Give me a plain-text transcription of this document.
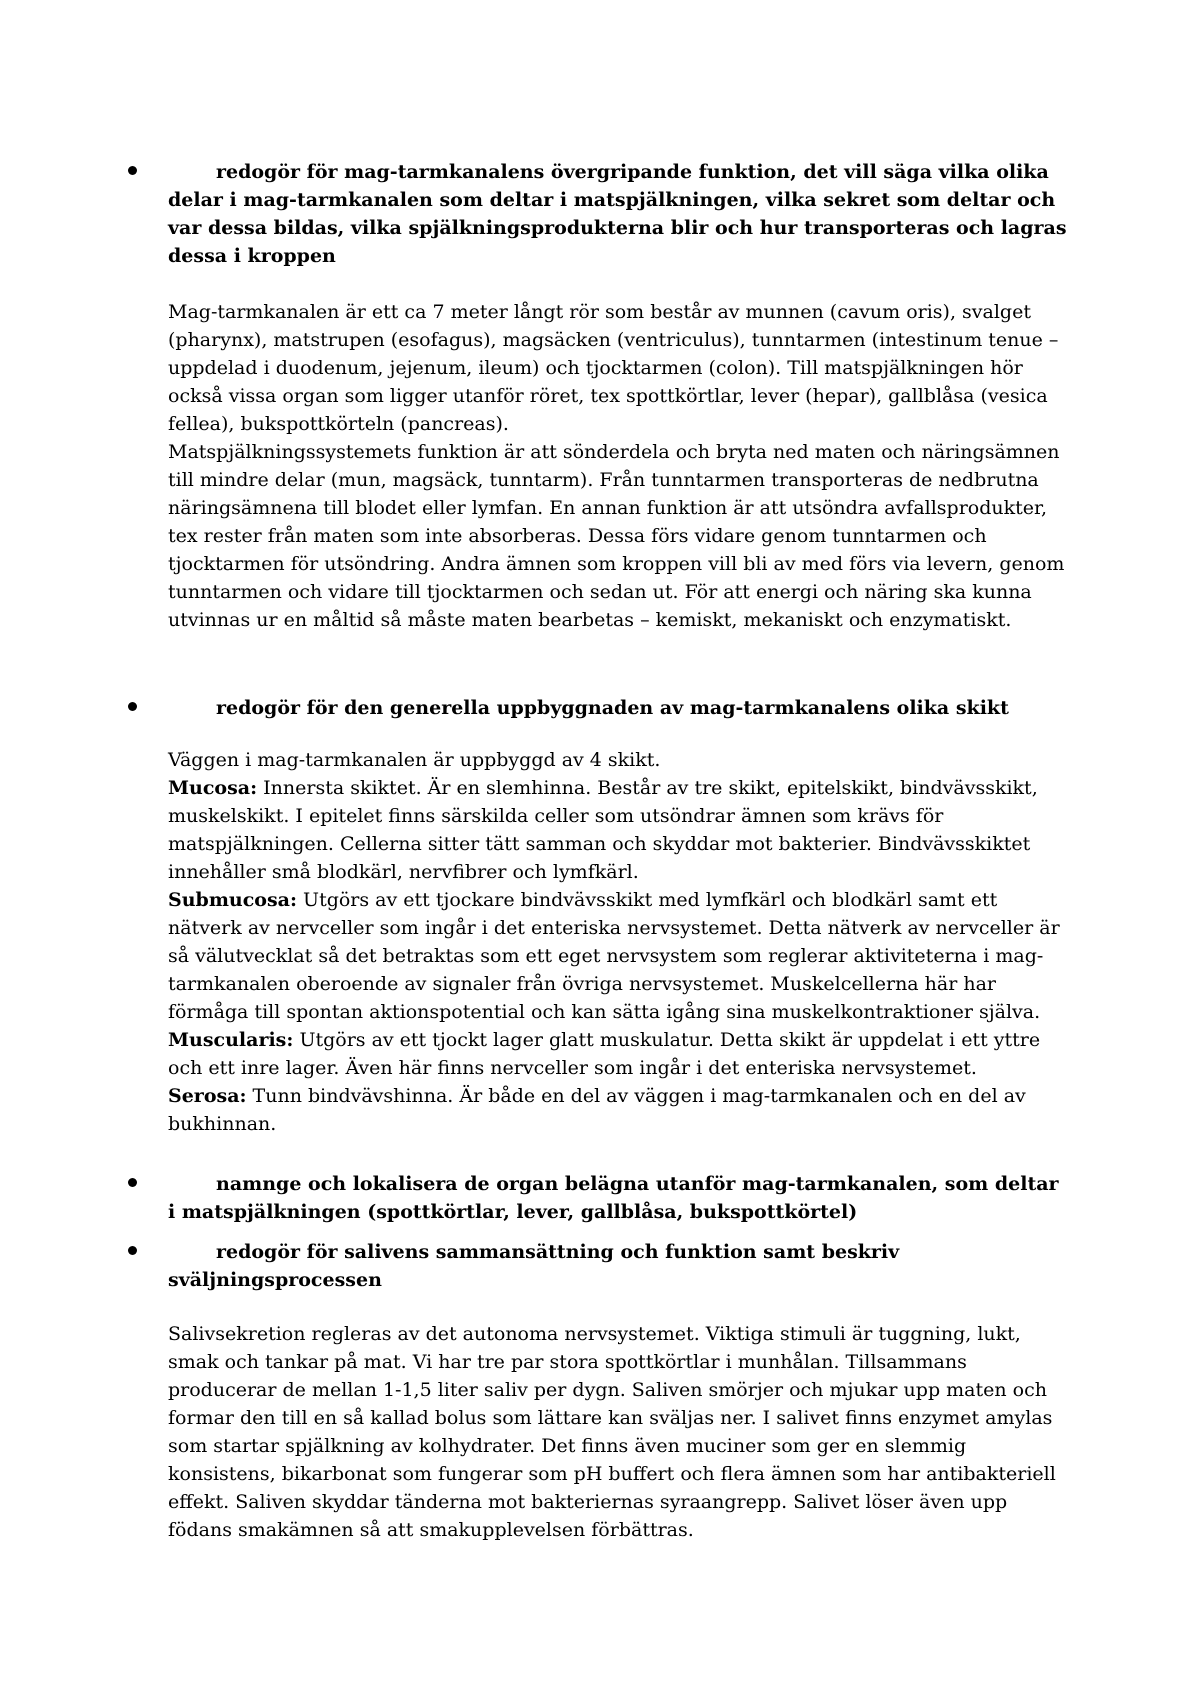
redogör för mag-tarmkanalens övergripande funktion, det vill säga vilka olika delar i mag-tarmkanalen som deltar i matspjälkningen, vilka sekret som deltar och var dessa bildas, vilka spjälkningsprodukterna blir och hur transporteras och lagras dessa i kroppen

Mag-tarmkanalen är ett ca 7 meter långt rör som består av munnen (cavum oris), svalget (pharynx), matstrupen (esofagus), magsäcken (ventriculus), tunntarmen (intestinum tenue – uppdelad i duodenum, jejenum, ileum) och tjocktarmen (colon). Till matspjälkningen hör också vissa organ som ligger utanför röret, tex spottkörtlar, lever (hepar), gallblåsa (vesica fellea), bukspottkörteln (pancreas).

Matspjälkningssystemets funktion är att sönderdela och bryta ned maten och näringsämnen till mindre delar (mun, magsäck, tunntarm). Från tunntarmen transporteras de nedbrutna näringsämnena till blodet eller lymfan. En annan funktion är att utsöndra avfallsprodukter, tex rester från maten som inte absorberas. Dessa förs vidare genom tunntarmen och tjocktarmen för utsöndring. Andra ämnen som kroppen vill bli av med förs via levern, genom tunntarmen och vidare till tjocktarmen och sedan ut. För att energi och näring ska kunna utvinnas ur en måltid så måste maten bearbetas – kemiskt, mekaniskt och enzymatiskt.

redogör för den generella uppbyggnaden av mag-tarmkanalens olika skikt

Väggen i mag-tarmkanalen är uppbyggd av 4 skikt.

Mucosa: Innersta skiktet. Är en slemhinna. Består av tre skikt, epitelskikt, bindvävsskikt, muskelskikt. I epitelet finns särskilda celler som utsöndrar ämnen som krävs för matspjälkningen. Cellerna sitter tätt samman och skyddar mot bakterier. Bindvävsskiktet innehåller små blodkärl, nervfibrer och lymfkärl.

Submucosa: Utgörs av ett tjockare bindvävsskikt med lymfkärl och blodkärl samt ett nätverk av nervceller som ingår i det enteriska nervsystemet. Detta nätverk av nervceller är så välutvecklat så det betraktas som ett eget nervsystem som reglerar aktiviteterna i mag-tarmkanalen oberoende av signaler från övriga nervsystemet. Muskelcellerna här har förmåga till spontan aktionspotential och kan sätta igång sina muskelkontraktioner själva.

Muscularis: Utgörs av ett tjockt lager glatt muskulatur. Detta skikt är uppdelat i ett yttre och ett inre lager. Även här finns nervceller som ingår i det enteriska nervsystemet.

Serosa: Tunn bindvävshinna. Är både en del av väggen i mag-tarmkanalen och en del av bukhinnan.

namnge och lokalisera de organ belägna utanför mag-tarmkanalen, som deltar i matspjälkningen (spottkörtlar, lever, gallblåsa, bukspottkörtel)
redogör för salivens sammansättning och funktion samt beskriv sväljningsprocessen

Salivsekretion regleras av det autonoma nervsystemet. Viktiga stimuli är tuggning, lukt, smak och tankar på mat. Vi har tre par stora spottkörtlar i munhålan. Tillsammans producerar de mellan 1-1,5 liter saliv per dygn. Saliven smörjer och mjukar upp maten och formar den till en så kallad bolus som lättare kan sväljas ner. I salivet finns enzymet amylas som startar spjälkning av kolhydrater. Det finns även muciner som ger en slemmig konsistens, bikarbonat som fungerar som pH buffert och flera ämnen som har antibakteriell effekt. Saliven skyddar tänderna mot bakteriernas syraangrepp. Salivet löser även upp födans smakämnen så att smakupplevelsen förbättras.
